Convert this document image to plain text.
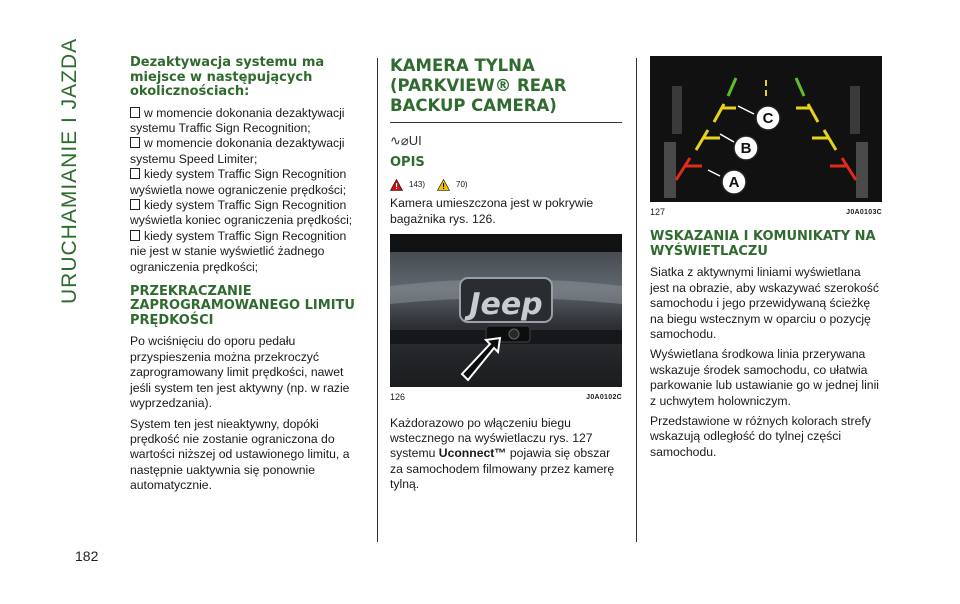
URUCHAMIANIE I JAZDA
182
Dezaktywacja systemu ma miejsce w następujących okolicznościach:

w momencie dokonania dezaktywacji systemu Traffic Sign Recognition;

w momencie dokonania dezaktywacji systemu Speed Limiter;

kiedy system Traffic Sign Recognition wyświetla nowe ograniczenie prędkości;

kiedy system Traffic Sign Recognition wyświetla koniec ograniczenia prędkości;

kiedy system Traffic Sign Recognition nie jest w stanie wyświetlić żadnego ograniczenia prędkości;

PRZEKRACZANIE ZAPROGRAMOWANEGO LIMITU PRĘDKOŚCI

Po wciśnięciu do oporu pedału przyspieszenia można przekroczyć zaprogramowany limit prędkości, nawet jeśli system ten jest aktywny (np. w razie wyprzedzania).

System ten jest nieaktywny, dopóki prędkość nie zostanie ograniczona do wartości niższej od ustawionego limitu, a następnie uaktywnia się ponownie automatycznie.

KAMERA TYLNA (PARKVIEW® REAR BACKUP CAMERA)
∿⌀UI
OPIS
143)	70)

Kamera umieszczona jest w pokrywie bagażnika rys. 126.

Jeep
126	J0A0102C

Każdorazowo po włączeniu biegu wstecznego na wyświetlaczu rys. 127 systemu Uconnect™ pojawia się obszar za samochodem filmowany przez kamerę tylną.

A
B
C
127	J0A0103C
WSKAZANIA I KOMUNIKATY NA WYŚWIETLACZU

Siatka z aktywnymi liniami wyświetlana jest na obrazie, aby wskazywać szerokość samochodu i jego przewidywaną ścieżkę na biegu wstecznym w oparciu o pozycję samochodu.

Wyświetlana środkowa linia przerywana wskazuje środek samochodu, co ułatwia parkowanie lub ustawianie go w jednej linii z uchwytem holowniczym.

Przedstawione w różnych kolorach strefy wskazują odległość do tylnej części samochodu.
